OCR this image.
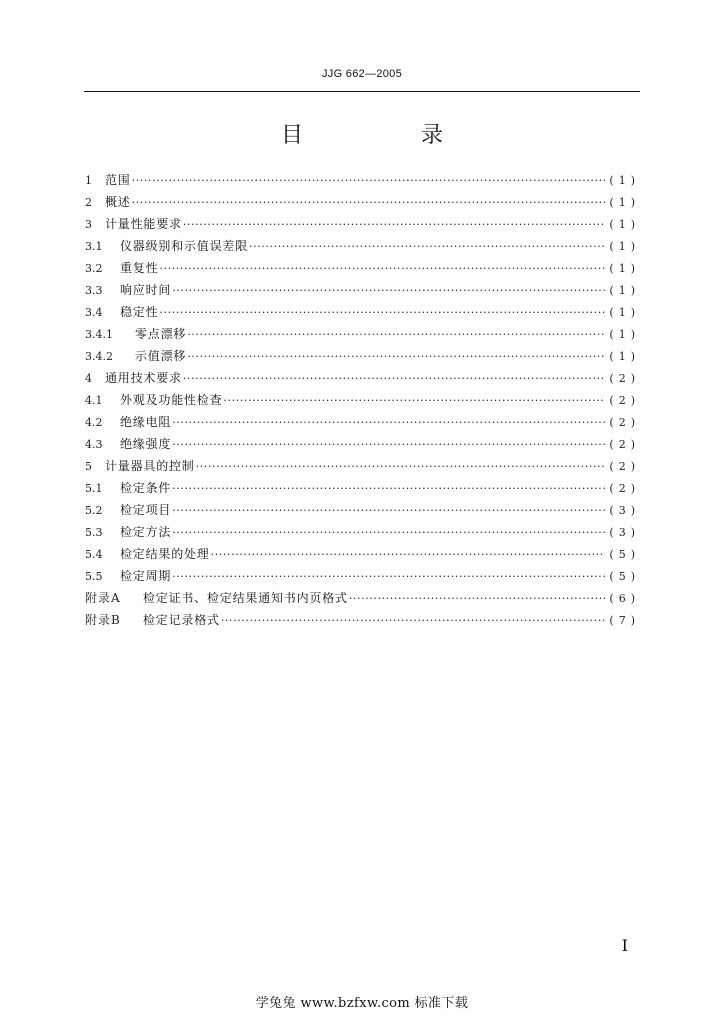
JJG 662—2005
目　录
1	范围 ·····	(1)
2	概述 ·····	(1)
3	计量性能要求 ·····	(1)
3.1	仪器级别和示值误差限 ·····	(1)
3.2	重复性 ·····	(1)
3.3	响应时间 ·····	(1)
3.4	稳定性 ·····	(1)
3.4.1	零点漂移 ·····	(1)
3.4.2	示值漂移 ·····	(1)
4	通用技术要求 ·····	(2)
4.1	外观及功能性检查 ·····	(2)
4.2	绝缘电阻 ·····	(2)
4.3	绝缘强度 ·····	(2)
5	计量器具的控制 ·····	(2)
5.1	检定条件 ·····	(2)
5.2	检定项目 ·····	(3)
5.3	检定方法 ·····	(3)
5.4	检定结果的处理 ·····	(5)
5.5	检定周期 ·····	(5)
附录A	检定证书、检定结果通知书内页格式 ·····	(6)
附录B	检定记录格式 ·····	(7)
I
学兔兔 www.bzfxw.com 标准下载
